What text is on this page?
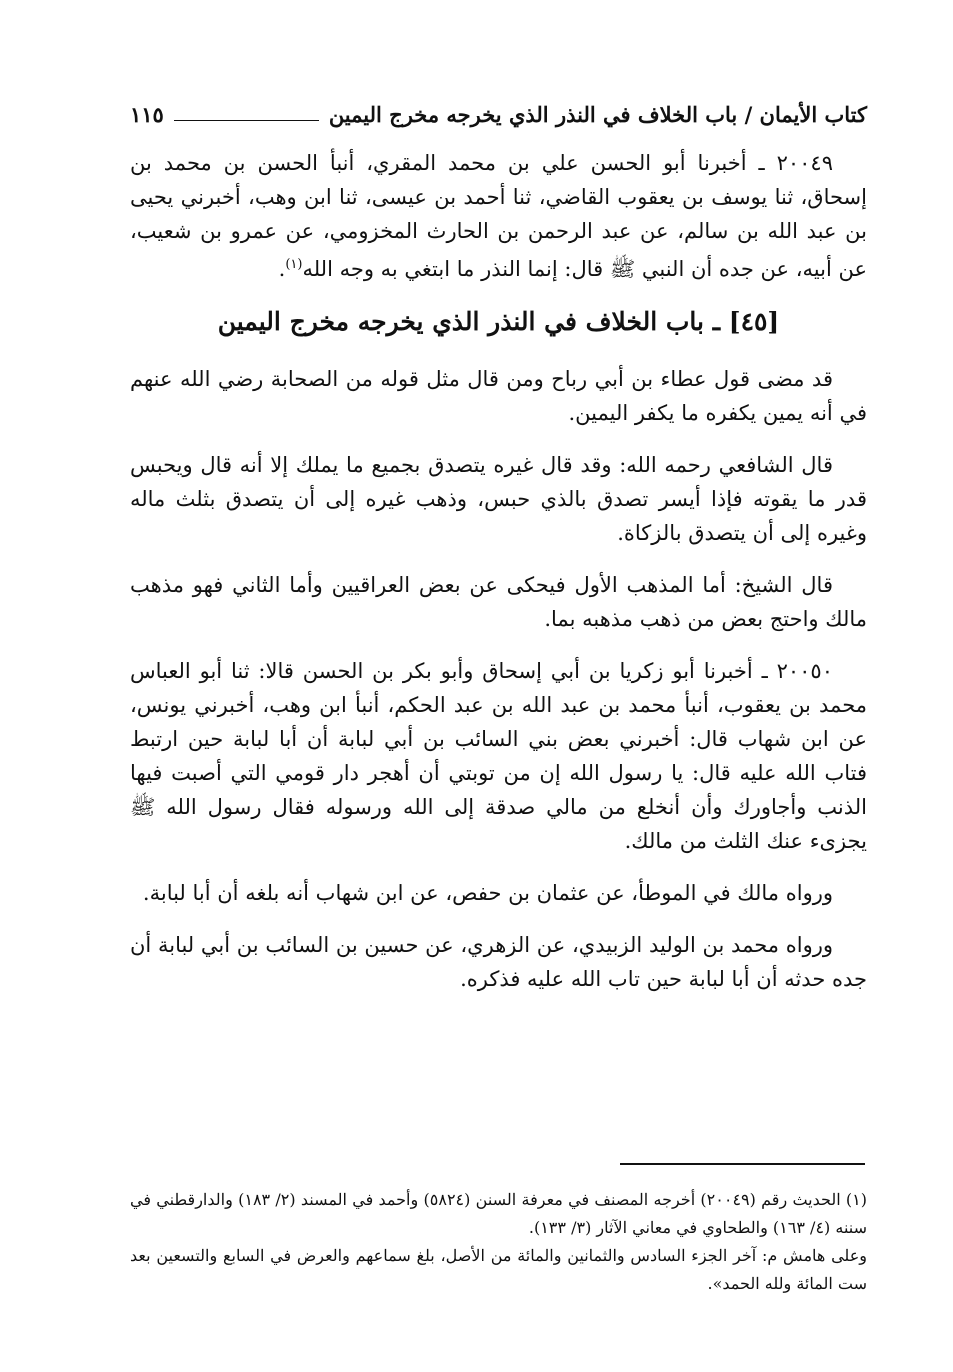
كتاب الأيمان / باب الخلاف في النذر الذي يخرجه مخرج اليمين
١١٥

٢٠٠٤٩ ـ أخبرنا أبو الحسن علي بن محمد المقري، أنبأ الحسن بن محمد بن إسحاق، ثنا يوسف بن يعقوب القاضي، ثنا أحمد بن عيسى، ثنا ابن وهب، أخبرني يحيى بن عبد الله بن سالم، عن عبد الرحمن بن الحارث المخزومي، عن عمرو بن شعيب، عن أبيه، عن جده أن النبي ﷺ قال: إنما النذر ما ابتغي به وجه الله$^{(١)}$.

[٤٥] ـ باب الخلاف في النذر الذي يخرجه مخرج اليمين

قد مضى قول عطاء بن أبي رباح ومن قال مثل قوله من الصحابة رضي الله عنهم في أنه يمين يكفره ما يكفر اليمين.

قال الشافعي رحمه الله: وقد قال غيره يتصدق بجميع ما يملك إلا أنه قال ويحبس قدر ما يقوته فإذا أيسر تصدق بالذي حبس، وذهب غيره إلى أن يتصدق بثلث ماله وغيره إلى أن يتصدق بالزكاة.

قال الشيخ: أما المذهب الأول فيحكى عن بعض العراقيين وأما الثاني فهو مذهب مالك واحتج بعض من ذهب مذهبه بما.

٢٠٠٥٠ ـ أخبرنا أبو زكريا بن أبي إسحاق وأبو بكر بن الحسن قالا: ثنا أبو العباس محمد بن يعقوب، أنبأ محمد بن عبد الله بن عبد الحكم، أنبأ ابن وهب، أخبرني يونس، عن ابن شهاب قال: أخبرني بعض بني السائب بن أبي لبابة أن أبا لبابة حين ارتبط فتاب الله عليه قال: يا رسول الله إن من توبتي أن أهجر دار قومي التي أصبت فيها الذنب وأجاورك وأن أنخلع من مالي صدقة إلى الله ورسوله فقال رسول الله ﷺ يجزىء عنك الثلث من مالك.

ورواه مالك في الموطأ، عن عثمان بن حفص، عن ابن شهاب أنه بلغه أن أبا لبابة.

ورواه محمد بن الوليد الزبيدي، عن الزهري، عن حسين بن السائب بن أبي لبابة أن جده حدثه أن أبا لبابة حين تاب الله عليه فذكره.

(١) الحديث رقم (٢٠٠٤٩) أخرجه المصنف في معرفة السنن (٥٨٢٤) وأحمد في المسند (٢/ ١٨٣) والدارقطني في سننه (٤/ ١٦٣) والطحاوي في معاني الآثار (٣/ ١٣٣).

وعلى هامش م: آخر الجزء السادس والثمانين والمائة من الأصل، بلغ سماعهم والعرض في السابع والتسعين بعد ست المائة ولله الحمد».
